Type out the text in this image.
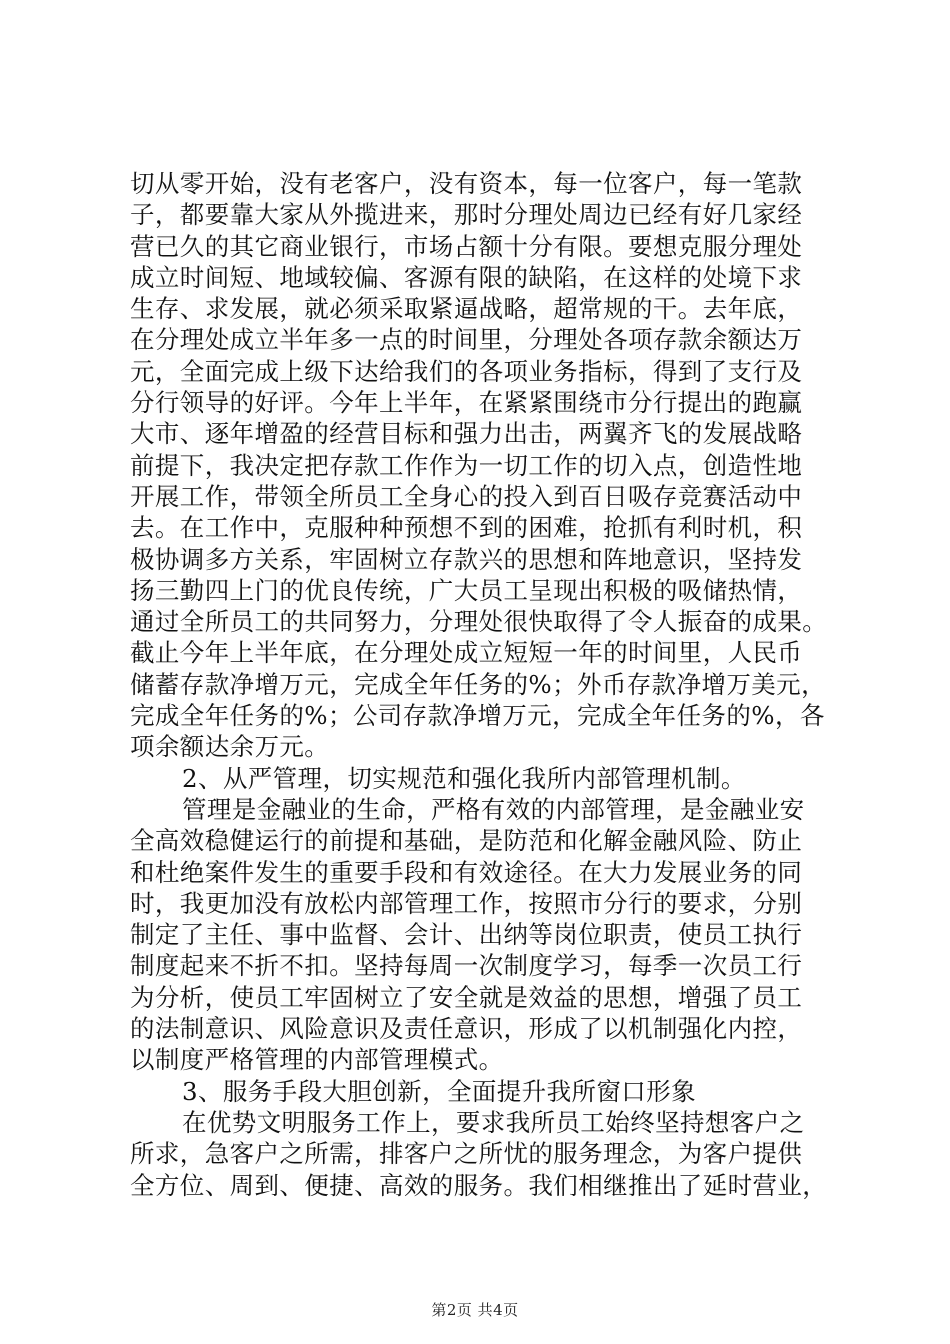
切从零开始，没有老客户，没有资本，每一位客户，每一笔款
子，都要靠大家从外揽进来，那时分理处周边已经有好几家经
营已久的其它商业银行，市场占额十分有限。要想克服分理处
成立时间短、地域较偏、客源有限的缺陷，在这样的处境下求
生存、求发展，就必须采取紧逼战略，超常规的干。去年底，
在分理处成立半年多一点的时间里，分理处各项存款余额达万
元，全面完成上级下达给我们的各项业务指标，得到了支行及
分行领导的好评。今年上半年，在紧紧围绕市分行提出的跑赢
大市、逐年增盈的经营目标和强力出击，两翼齐飞的发展战略
前提下，我决定把存款工作作为一切工作的切入点，创造性地
开展工作，带领全所员工全身心的投入到百日吸存竞赛活动中
去。在工作中，克服种种预想不到的困难，抢抓有利时机，积
极协调多方关系，牢固树立存款兴的思想和阵地意识，坚持发
扬三勤四上门的优良传统，广大员工呈现出积极的吸储热情，
通过全所员工的共同努力，分理处很快取得了令人振奋的成果。
截止今年上半年底，在分理处成立短短一年的时间里，人民币
储蓄存款净增万元，完成全年任务的%；外币存款净增万美元，
完成全年任务的%；公司存款净增万元，完成全年任务的%，各
项余额达余万元。
2、从严管理，切实规范和强化我所内部管理机制。
管理是金融业的生命，严格有效的内部管理，是金融业安
全高效稳健运行的前提和基础，是防范和化解金融风险、防止
和杜绝案件发生的重要手段和有效途径。在大力发展业务的同
时，我更加没有放松内部管理工作，按照市分行的要求，分别
制定了主任、事中监督、会计、出纳等岗位职责，使员工执行
制度起来不折不扣。坚持每周一次制度学习，每季一次员工行
为分析，使员工牢固树立了安全就是效益的思想，增强了员工
的法制意识、风险意识及责任意识，形成了以机制强化内控，
以制度严格管理的内部管理模式。
3、服务手段大胆创新，全面提升我所窗口形象
在优势文明服务工作上，要求我所员工始终坚持想客户之
所求，急客户之所需，排客户之所忧的服务理念，为客户提供
全方位、周到、便捷、高效的服务。我们相继推出了延时营业，
第2页 共4页
